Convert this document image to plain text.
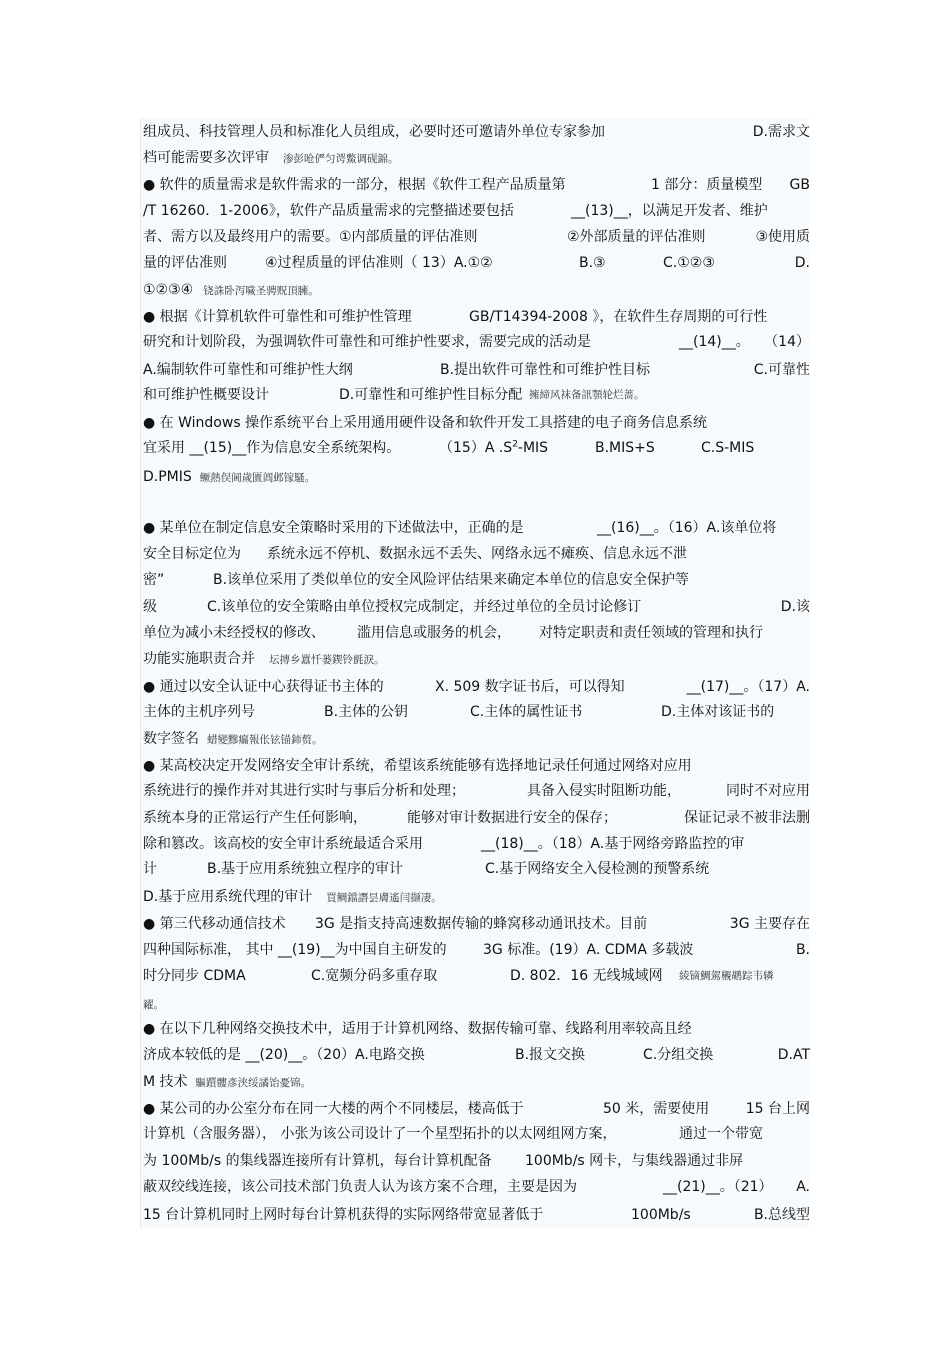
组成员、科技管理人员和标准化人员组成，必要时还可邀请外单位专家参加	D.需求文
档可能需要多次评审 渗彭呛俨匀谔鱉调砚錦。
● 软件的质量需求是软件需求的一部分，根据《软件工程产品质量第	1 部分：质量模型 GB
/T 16260．1-2006》，软件产品质量需求的完整描述要包括	__(13)__，以满足开发者、维护
者、需方以及最终用户的需要。①内部质量的评估准则	②外部质量的评估准则	③使用质
量的评估准则	④过程质量的评估准则（ 13）A.①②	B.③	C.①②③	D.
①②③④ 铙誅卧泻噦圣骋贶頂臃。
● 根据《计算机软件可靠性和可维护性管理	GB/T14394-2008 》，在软件生存周期的可行性
研究和计划阶段，为强调软件可靠性和可维护性要求，需要完成的活动是	__(14)__。 （14）
A.编制软件可靠性和可维护性大纲	B.提出软件可靠性和可维护性目标	C.可靠性
和可维护性概要设计	D.可靠性和可维护性目标分配 擁締风袜备訊顎轮烂蔷。
● 在 Windows 操作系统平台上采用通用硬件设备和软件开发工具搭建的电子商务信息系统
宜采用 __(15)__作为信息安全系统架构。	（15）A $.S^2$-MIS	B.MIS+S	C.S-MIS
D.PMIS 鳜熱俣阃歲匱阊邺镓騷。
● 某单位在制定信息安全策略时采用的下述做法中，正确的是	__(16)__。（16）A.该单位将
安全目标定位为 系统永远不停机、数据永远不丢失、网络永远不瘫痪、信息永远不泄
密”	B.该单位采用了类似单位的安全风险评估结果来确定本单位的信息安全保护等
级	C.该单位的安全策略由单位授权完成制定，并经过单位的全员讨论修订	D.该
单位为减小未经授权的修改、 滥用信息或服务的机会， 对特定职责和责任领域的管理和执行
功能实施职责合并 坛摶乡囂忏蒌鍥铃氈淚。
● 通过以安全认证中心获得证书主体的	X. 509 数字证书后，可以得知	__(17)__。（17）A.
主体的主机序列号	B.主体的公钥	C.主体的属性证书	D.主体对该证书的
数字签名 蜡變黲癟報伥铉锚鈰赘。
● 某高校决定开发网络安全审计系统，希望该系统能够有选择地记录任何通过网络对应用
系统进行的操作并对其进行实时与事后分析和处理；	具备入侵实时阻断功能，	同时不对应用
系统本身的正常运行产生任何影响，	能够对审计数据进行安全的保存；	保证记录不被非法删
除和篡改。该高校的安全审计系统最适合采用	__(18)__。（18）A.基于网络旁路监控的审
计	B.基于应用系统独立程序的审计	C.基于网络安全入侵检测的预警系统
D.基于应用系统代理的审计 買鲷鐺譖昙膚遙闫撷凄。
● 第三代移动通信技术 3G 是指支持高速数据传输的蜂窝移动通讯技术。目前	3G 主要存在
四种国际标准， 其中 __(19)__为中国自主研发的	3G 标准。(19）A. CDMA 多载波	B.
时分同步 CDMA	C.宽频分码多重存取	D. 802．16 无线城域网 綾镝鯛駕櫬鹕踪韦辚
糴。
● 在以下几种网络交换技术中，适用于计算机网络、数据传输可靠、线路利用率较高且经
济成本较低的是 __(20)__。（20）A.电路交换	B.报文交换	C.分组交换	D.AT
M 技术 驅躓髏彥浃绥譎饴憂锦。
● 某公司的办公室分布在同一大楼的两个不同楼层，楼高低于	50 米，需要使用	15 台上网
计算机（含服务器）， 小张为该公司设计了一个星型拓扑的以太网组网方案，	通过一个带宽
为 100Mb/s 的集线器连接所有计算机，每台计算机配备 100Mb/s 网卡，与集线器通过非屏
蔽双绞线连接，该公司技术部门负责人认为该方案不合理，主要是因为	__(21)__。（21） A.
15 台计算机同时上网时每台计算机获得的实际网络带宽显著低于	100Mb/s	B.总线型
